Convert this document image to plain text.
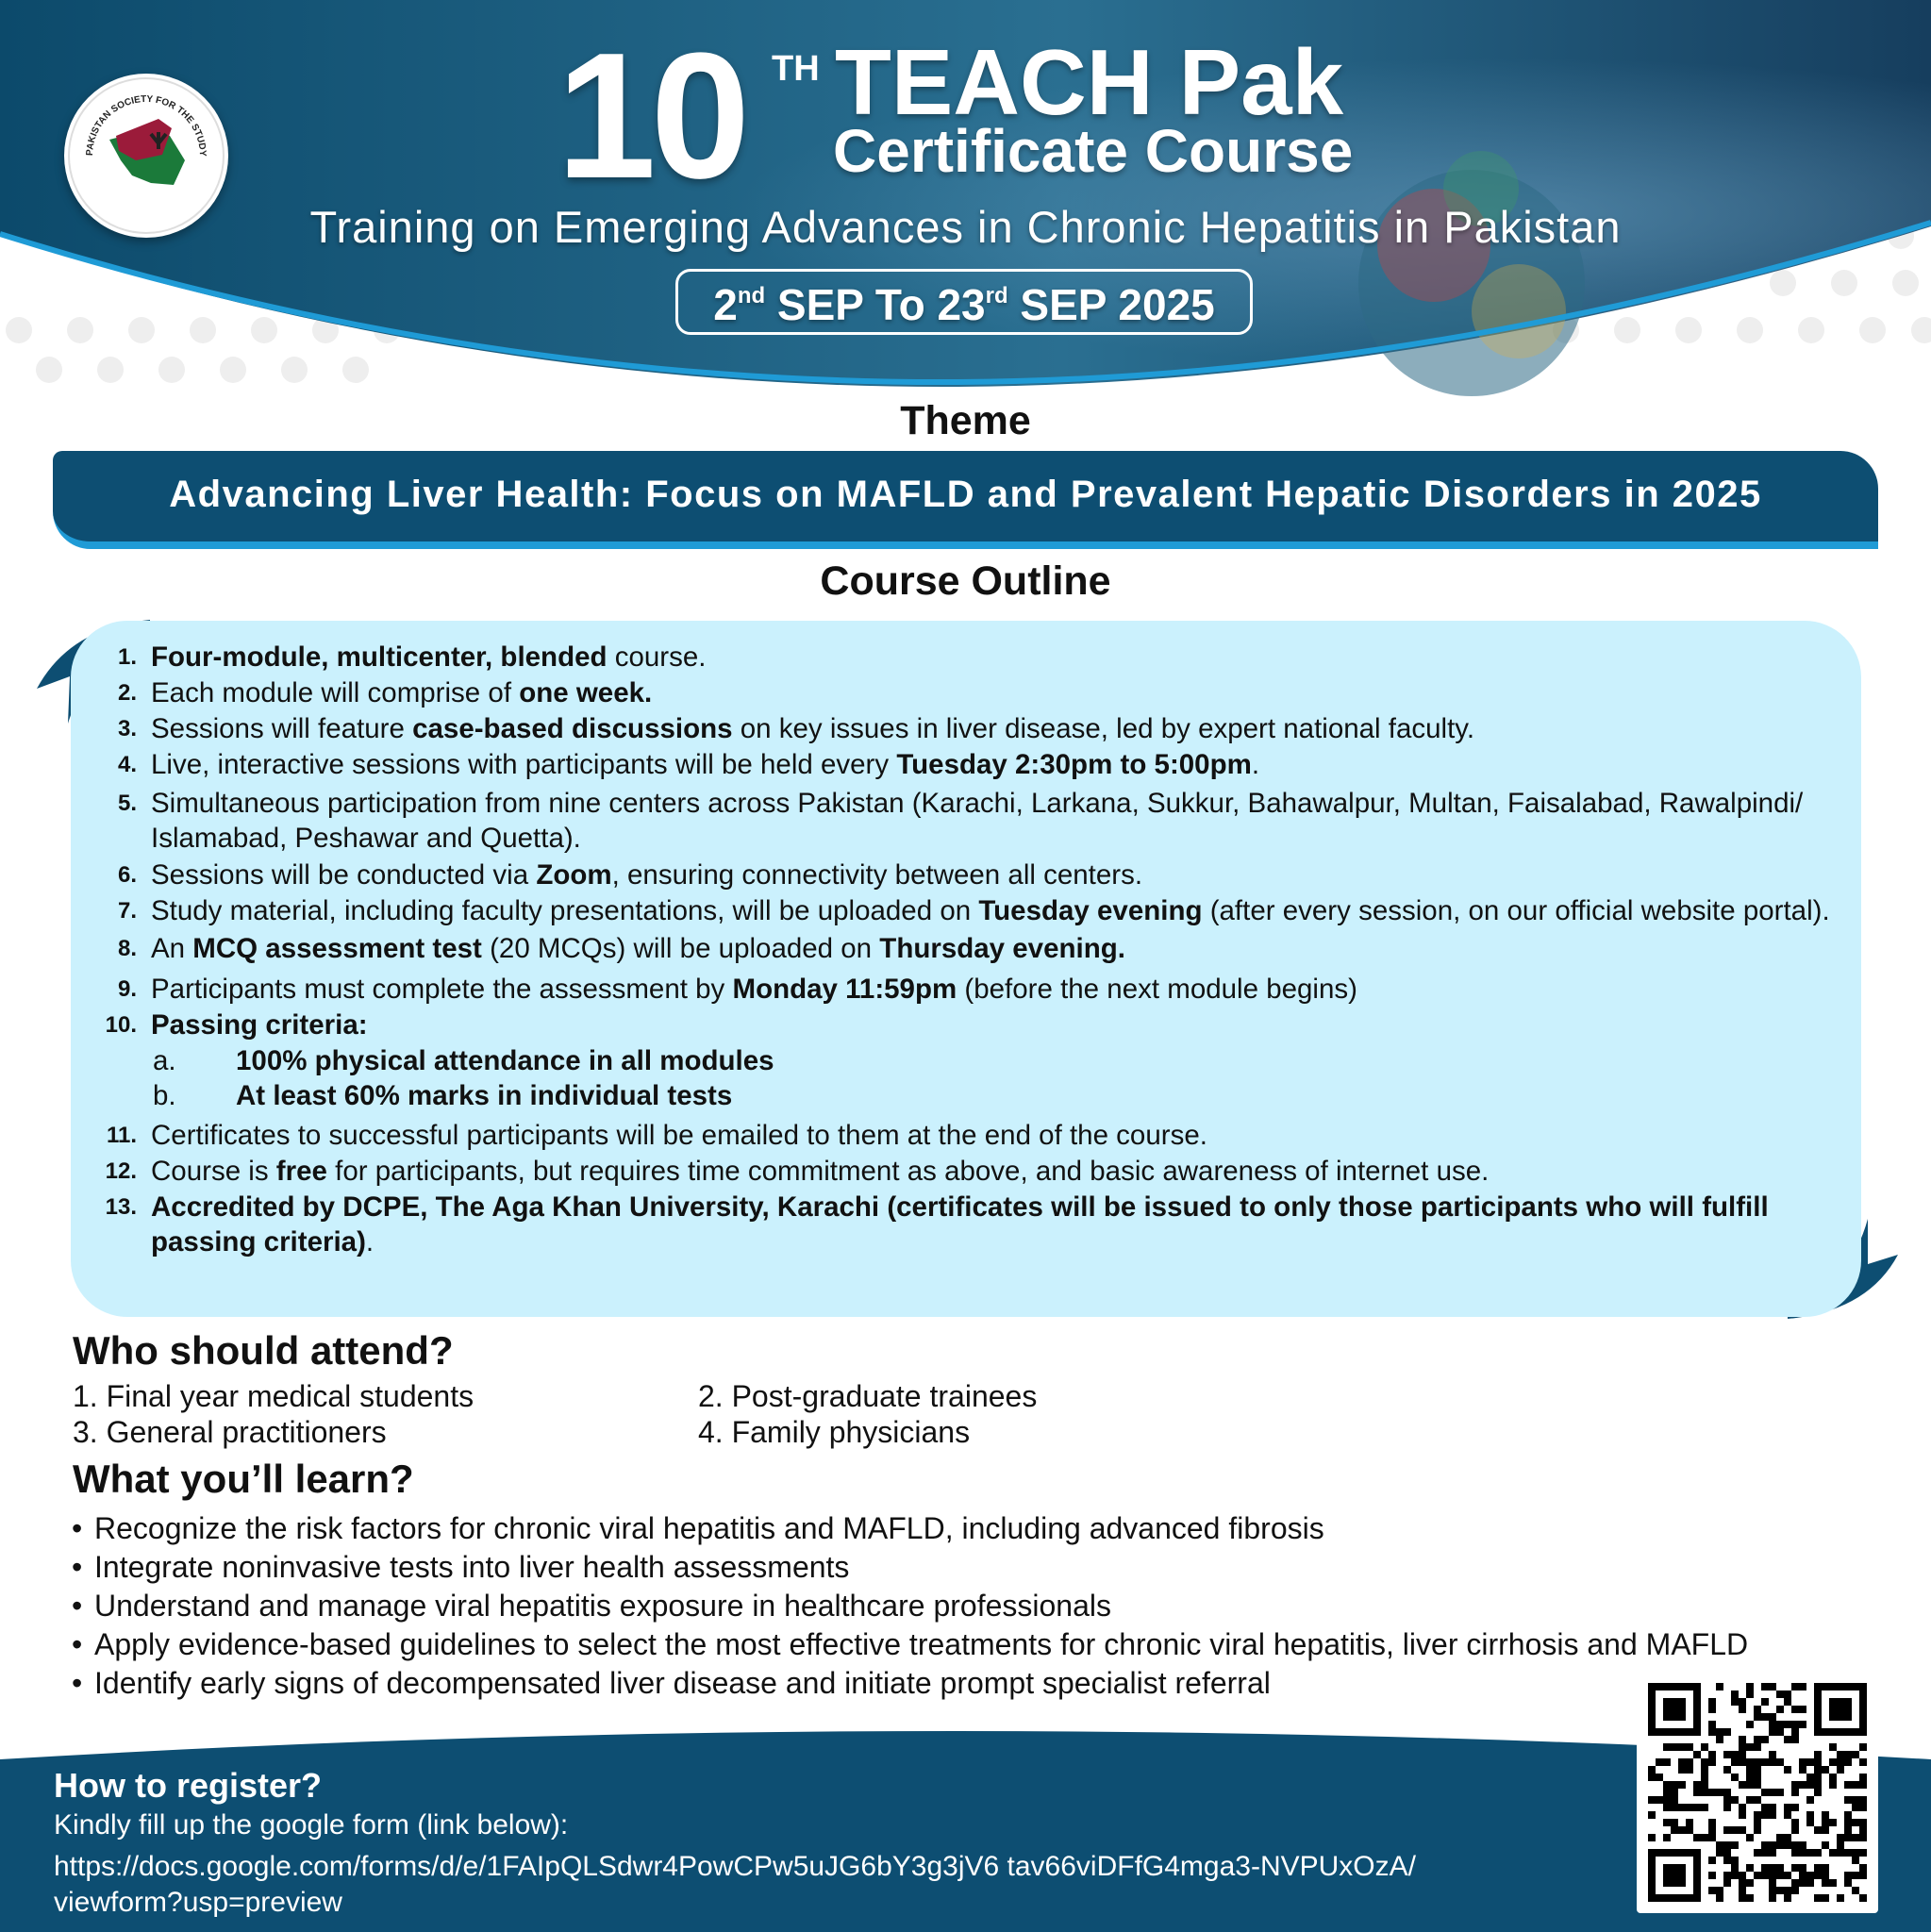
PAKISTAN SOCIETY FOR THE STUDY 10 TH TEACH Pak
Certificate Course
Training on Emerging Advances in Chronic Hepatitis in Pakistan
2nd SEP To 23rd SEP 2025
Theme
Advancing Liver Health: Focus on MAFLD and Prevalent Hepatic Disorders in 2025
Course Outline
1. Four-module, multicenter, blended course.
2. Each module will comprise of one week.
3. Sessions will feature case-based discussions on key issues in liver disease, led by expert national faculty.
4. Live, interactive sessions with participants will be held every Tuesday 2:30pm to 5:00pm.
5. Simultaneous participation from nine centers across Pakistan (Karachi, Larkana, Sukkur, Bahawalpur, Multan, Faisalabad, Rawalpindi/ Islamabad, Peshawar and Quetta).
6. Sessions will be conducted via Zoom, ensuring connectivity between all centers.
7. Study material, including faculty presentations, will be uploaded on Tuesday evening (after every session, on our official website portal).
8. An MCQ assessment test (20 MCQs) will be uploaded on Thursday evening.
9. Participants must complete the assessment by Monday 11:59pm (before the next module begins)
10. Passing criteria:
a. 100% physical attendance in all modules
b. At least 60% marks in individual tests
11. Certificates to successful participants will be emailed to them at the end of the course.
12. Course is free for participants, but requires time commitment as above, and basic awareness of internet use.
13. Accredited by DCPE, The Aga Khan University, Karachi (certificates will be issued to only those participants who will fulfill passing criteria).
Who should attend?
1. Final year medical students	2. Post-graduate trainees
3. General practitioners	4. Family physicians
What you’ll learn?
• Recognize the risk factors for chronic viral hepatitis and MAFLD, including advanced fibrosis
• Integrate noninvasive tests into liver health assessments
• Understand and manage viral hepatitis exposure in healthcare professionals
• Apply evidence-based guidelines to select the most effective treatments for chronic viral hepatitis, liver cirrhosis and MAFLD
• Identify early signs of decompensated liver disease and initiate prompt specialist referral
How to register?
Kindly fill up the google form (link below):
https://docs.google.com/forms/d/e/1FAIpQLSdwr4PowCPw5uJG6bY3g3jV6 tav66viDFfG4mga3-NVPUxOzA/
viewform?usp=preview
